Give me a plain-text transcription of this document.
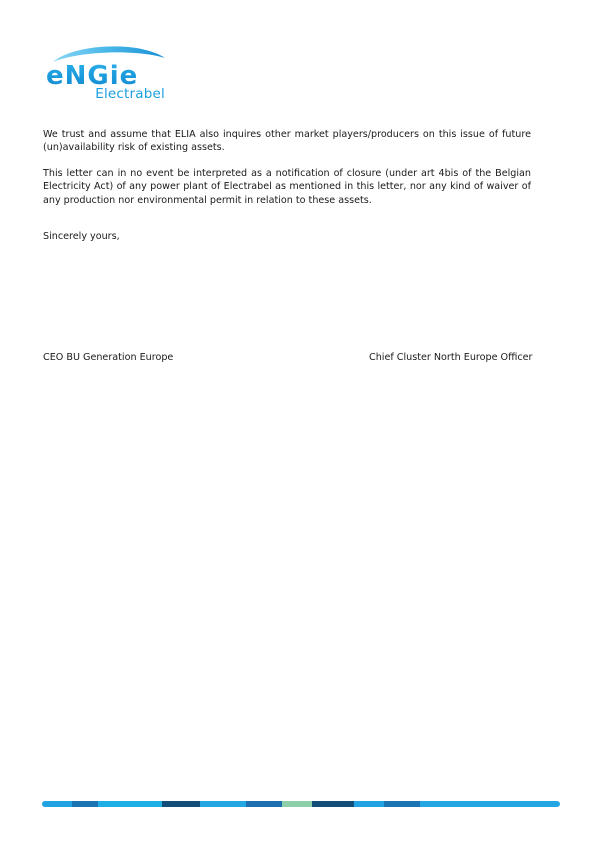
eNGie
Electrabel

We trust and assume that ELIA also inquires other market players/producers on this issue of future (un)availability risk of existing assets.

This letter can in no event be interpreted as a notification of closure (under art 4bis of the Belgian Electricity Act) of any power plant of Electrabel as mentioned in this letter, nor any kind of waiver of any production nor environmental permit in relation to these assets.

Sincerely yours,

CEO BU Generation Europe	Chief Cluster North Europe Officer
